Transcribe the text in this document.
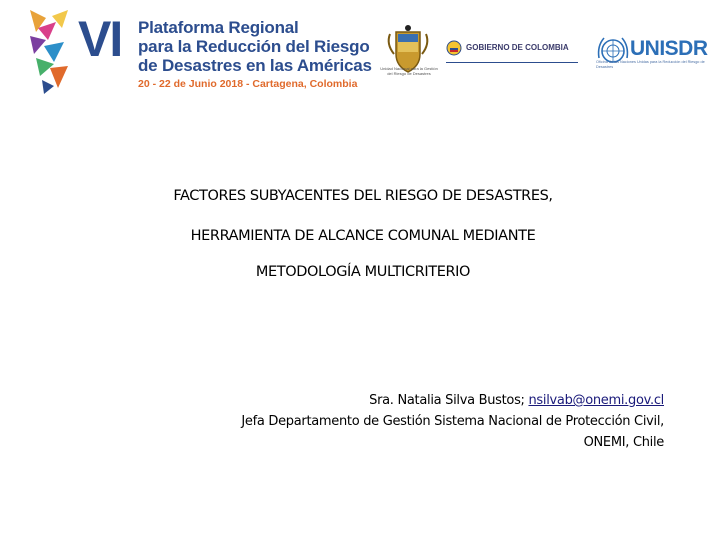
VI Plataforma Regional
para la Reducción del Riesgo
de Desastres en las Américas
20 - 22 de Junio 2018 - Cartagena, Colombia
Unidad Nacional para la Gestión del Riesgo de Desastres
GOBIERNO DE COLOMBIA	UNISDR
Oficina de las Naciones Unidas para la Reducción del Riesgo de Desastres
FACTORES SUBYACENTES DEL RIESGO DE DESASTRES,
HERRAMIENTA DE ALCANCE COMUNAL MEDIANTE
METODOLOGÍA MULTICRITERIO
Sra. Natalia Silva Bustos; nsilvab@onemi.gov.cl
Jefa Departamento de Gestión Sistema Nacional de Protección Civil,
ONEMI, Chile
